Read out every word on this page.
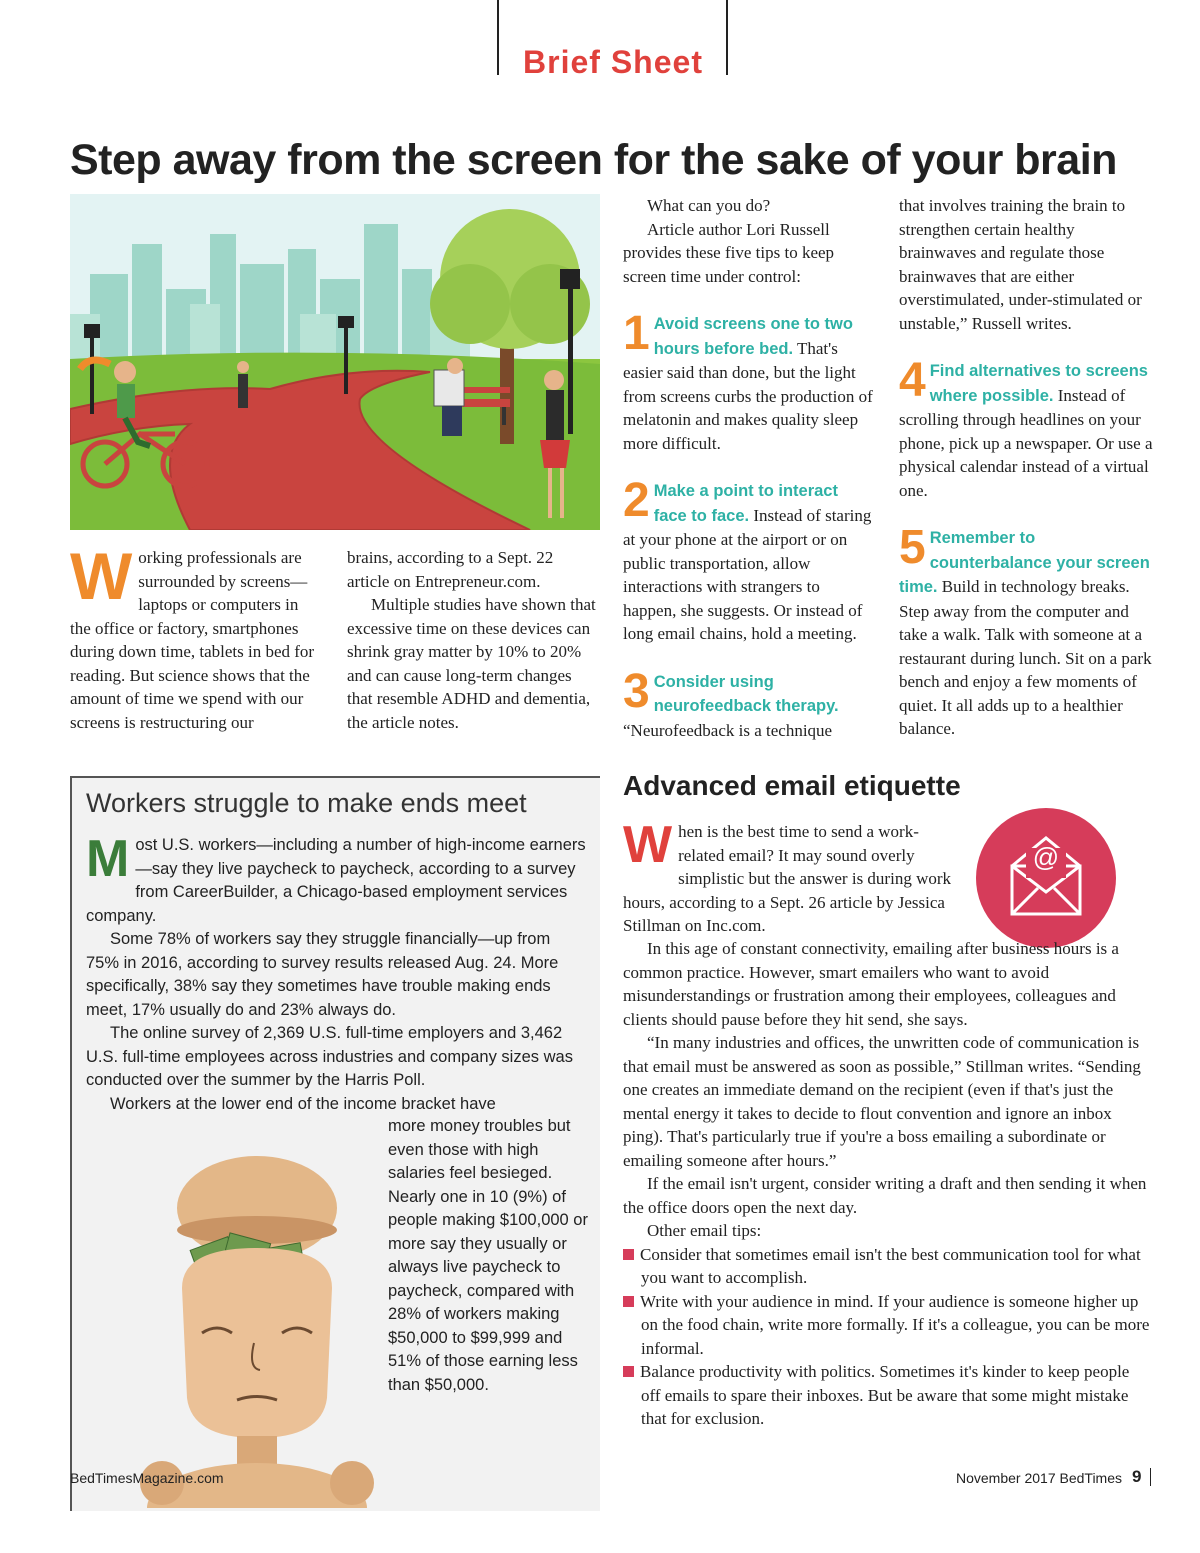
Brief Sheet
Step away from the screen for the sake of your brain
W orking professionals are surrounded by screens—laptops or computers in the office or factory, smartphones during down time, tablets in bed for reading. But science shows that the amount of time we spend with our screens is restructuring our

brains, according to a Sept. 22 article on Entrepreneur.com.

Multiple studies have shown that excessive time on these devices can shrink gray matter by 10% to 20% and can cause long-term changes that resemble ADHD and dementia, the article notes.

What can you do?

Article author Lori Russell provides these five tips to keep screen time under control:

1 Avoid screens one to two hours before bed. That's easier said than done, but the light from screens curbs the production of melatonin and makes quality sleep more difficult.
2 Make a point to interact face to face. Instead of staring at your phone at the airport or on public transportation, allow interactions with strangers to happen, she suggests. Or instead of long email chains, hold a meeting.
3 Consider using neurofeedback therapy. “Neurofeedback is a technique

that involves training the brain to strengthen certain healthy brainwaves and regulate those brainwaves that are either overstimulated, under-stimulated or unstable,” Russell writes.

4 Find alternatives to screens where possible. Instead of scrolling through headlines on your phone, pick up a newspaper. Or use a physical calendar instead of a virtual one.
5 Remember to counterbalance your screen time. Build in technology breaks. Step away from the computer and take a walk. Talk with someone at a restaurant during lunch. Sit on a park bench and enjoy a few moments of quiet. It all adds up to a healthier balance.
Workers struggle to make ends meet

M ost U.S. workers—including a number of high-income earners—say they live paycheck to paycheck, according to a survey from CareerBuilder, a Chicago-based employment services company.

Some 78% of workers say they struggle financially—up from 75% in 2016, according to survey results released Aug. 24. More specifically, 38% say they sometimes have trouble making ends meet, 17% usually do and 23% always do.

The online survey of 2,369 U.S. full-time employers and 3,462 U.S. full-time employees across industries and company sizes was conducted over the summer by the Harris Poll.

Workers at the lower end of the income bracket have

more money troubles but even those with high salaries feel besieged. Nearly one in 10 (9%) of people making $100,000 or more say they usually or always live paycheck to paycheck, compared with 28% of workers making $50,000 to $99,999 and 51% of those earning less than $50,000.
Advanced email etiquette
@
W hen is the best time to send a work-related email? It may sound overly simplistic but the answer is during work hours, according to a Sept. 26 article by Jessica Stillman on Inc.com.

In this age of constant connectivity, emailing after business hours is a common practice. However, smart emailers who want to avoid misunderstandings or frustration among their employees, colleagues and clients should pause before they hit send, she says.

“In many industries and offices, the unwritten code of communication is that email must be answered as soon as possible,” Stillman writes. “Sending one creates an immediate demand on the recipient (even if that's just the mental energy it takes to decide to flout convention and ignore an inbox ping). That's particularly true if you're a boss emailing a subordinate or emailing someone after hours.”

If the email isn't urgent, consider writing a draft and then sending it when the office doors open the next day.

Other email tips:

Consider that sometimes email isn't the best communication tool for what you want to accomplish.

Write with your audience in mind. If your audience is someone higher up on the food chain, write more formally. If it's a colleague, you can be more informal.

Balance productivity with politics. Sometimes it's kinder to keep people off emails to spare their inboxes. But be aware that some might mistake that for exclusion.

BedTimesMagazine.com	November 2017 BedTimes 9
